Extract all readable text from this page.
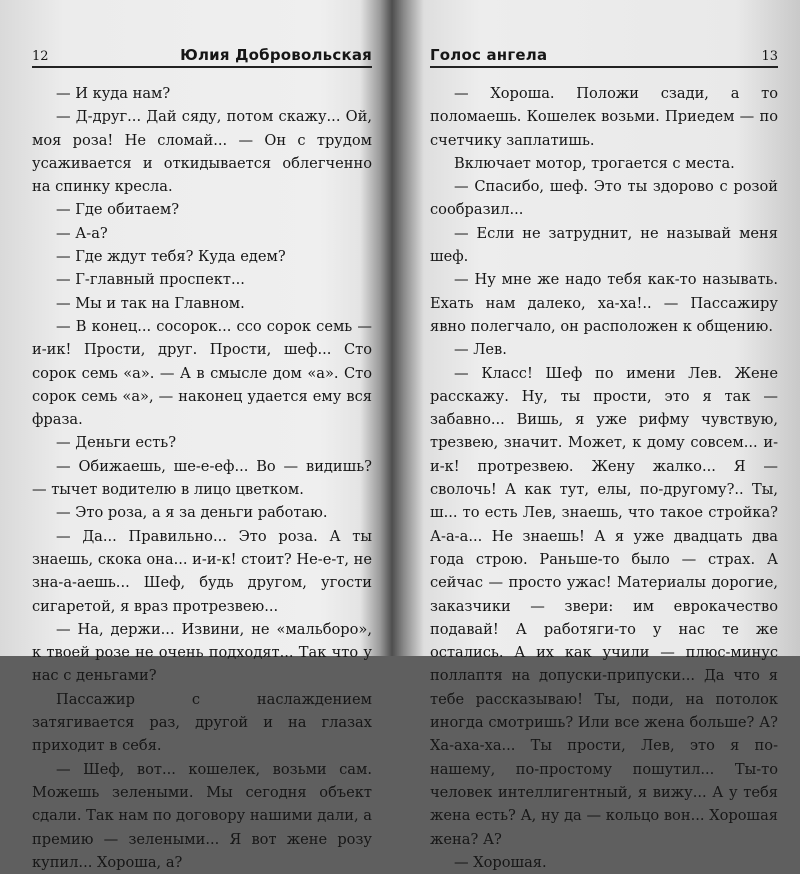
12	Юлия Добровольская

— И куда нам?

— Д-друг... Дай сяду, потом скажу... Ой, моя роза! Не сломай... — Он с трудом усаживается и откидывается облегченно на спинку кресла.

— Где обитаем?

— А-а?

— Где ждут тебя? Куда едем?

— Г-главный проспект...

— Мы и так на Главном.

— В конец... сосорок... ссо сорок семь — и-ик! Прости, друг. Прости, шеф... Сто сорок семь «а». — А в смысле дом «а». Сто сорок семь «а», — наконец удается ему вся фраза.

— Деньги есть?

— Обижаешь, ше-е-еф... Во — видишь? — тычет водителю в лицо цветком.

— Это роза, а я за деньги работаю.

— Да... Правильно... Это роза. А ты знаешь, скока она... и-и-к! стоит? Не-е-т, не зна-а-аешь... Шеф, будь другом, угости сигаретой, я враз протрезвею...

— На, держи... Извини, не «мальборо», к твоей розе не очень подходят... Так что у нас с деньгами?

Пассажир с наслаждением затягивается раз, другой и на глазах приходит в себя.

— Шеф, вот... кошелек, возьми сам. Можешь зелеными. Мы сегодня объект сдали. Так нам по договору нашими дали, а премию — зелеными... Я вот жене розу купил... Хороша, а?

Голос ангела	13

— Хороша. Положи сзади, а то поломаешь. Кошелек возьми. Приедем — по счетчику заплатишь.

Включает мотор, трогается с места.

— Спасибо, шеф. Это ты здорово с розой сообразил...

— Если не затруднит, не называй меня шеф.

— Ну мне же надо тебя как-то называть. Ехать нам далеко, ха-ха!.. — Пассажиру явно полегчало, он расположен к общению.

— Лев.

— Класс! Шеф по имени Лев. Жене расскажу. Ну, ты прости, это я так — забавно... Вишь, я уже рифму чувствую, трезвею, значит. Может, к дому совсем... и-и-к! протрезвею. Жену жалко... Я — сволочь! А как тут, елы, по-другому?.. Ты, ш... то есть Лев, знаешь, что такое стройка? А-а-а... Не знаешь! А я уже двадцать два года строю. Раньше-то было — страх. А сейчас — просто ужас! Материалы дорогие, заказчики — звери: им еврокачество подавай! А работяги-то у нас те же остались. А их как учили — плюс-минус поллаптя на допуски-припуски... Да что я тебе рассказываю! Ты, поди, на потолок иногда смотришь? Или все жена больше? А? Ха-аха-ха... Ты прости, Лев, это я по-нашему, по-простому пошутил... Ты-то человек интеллигентный, я вижу... А у тебя жена есть? А, ну да — кольцо вон... Хорошая жена? А?

— Хорошая.
